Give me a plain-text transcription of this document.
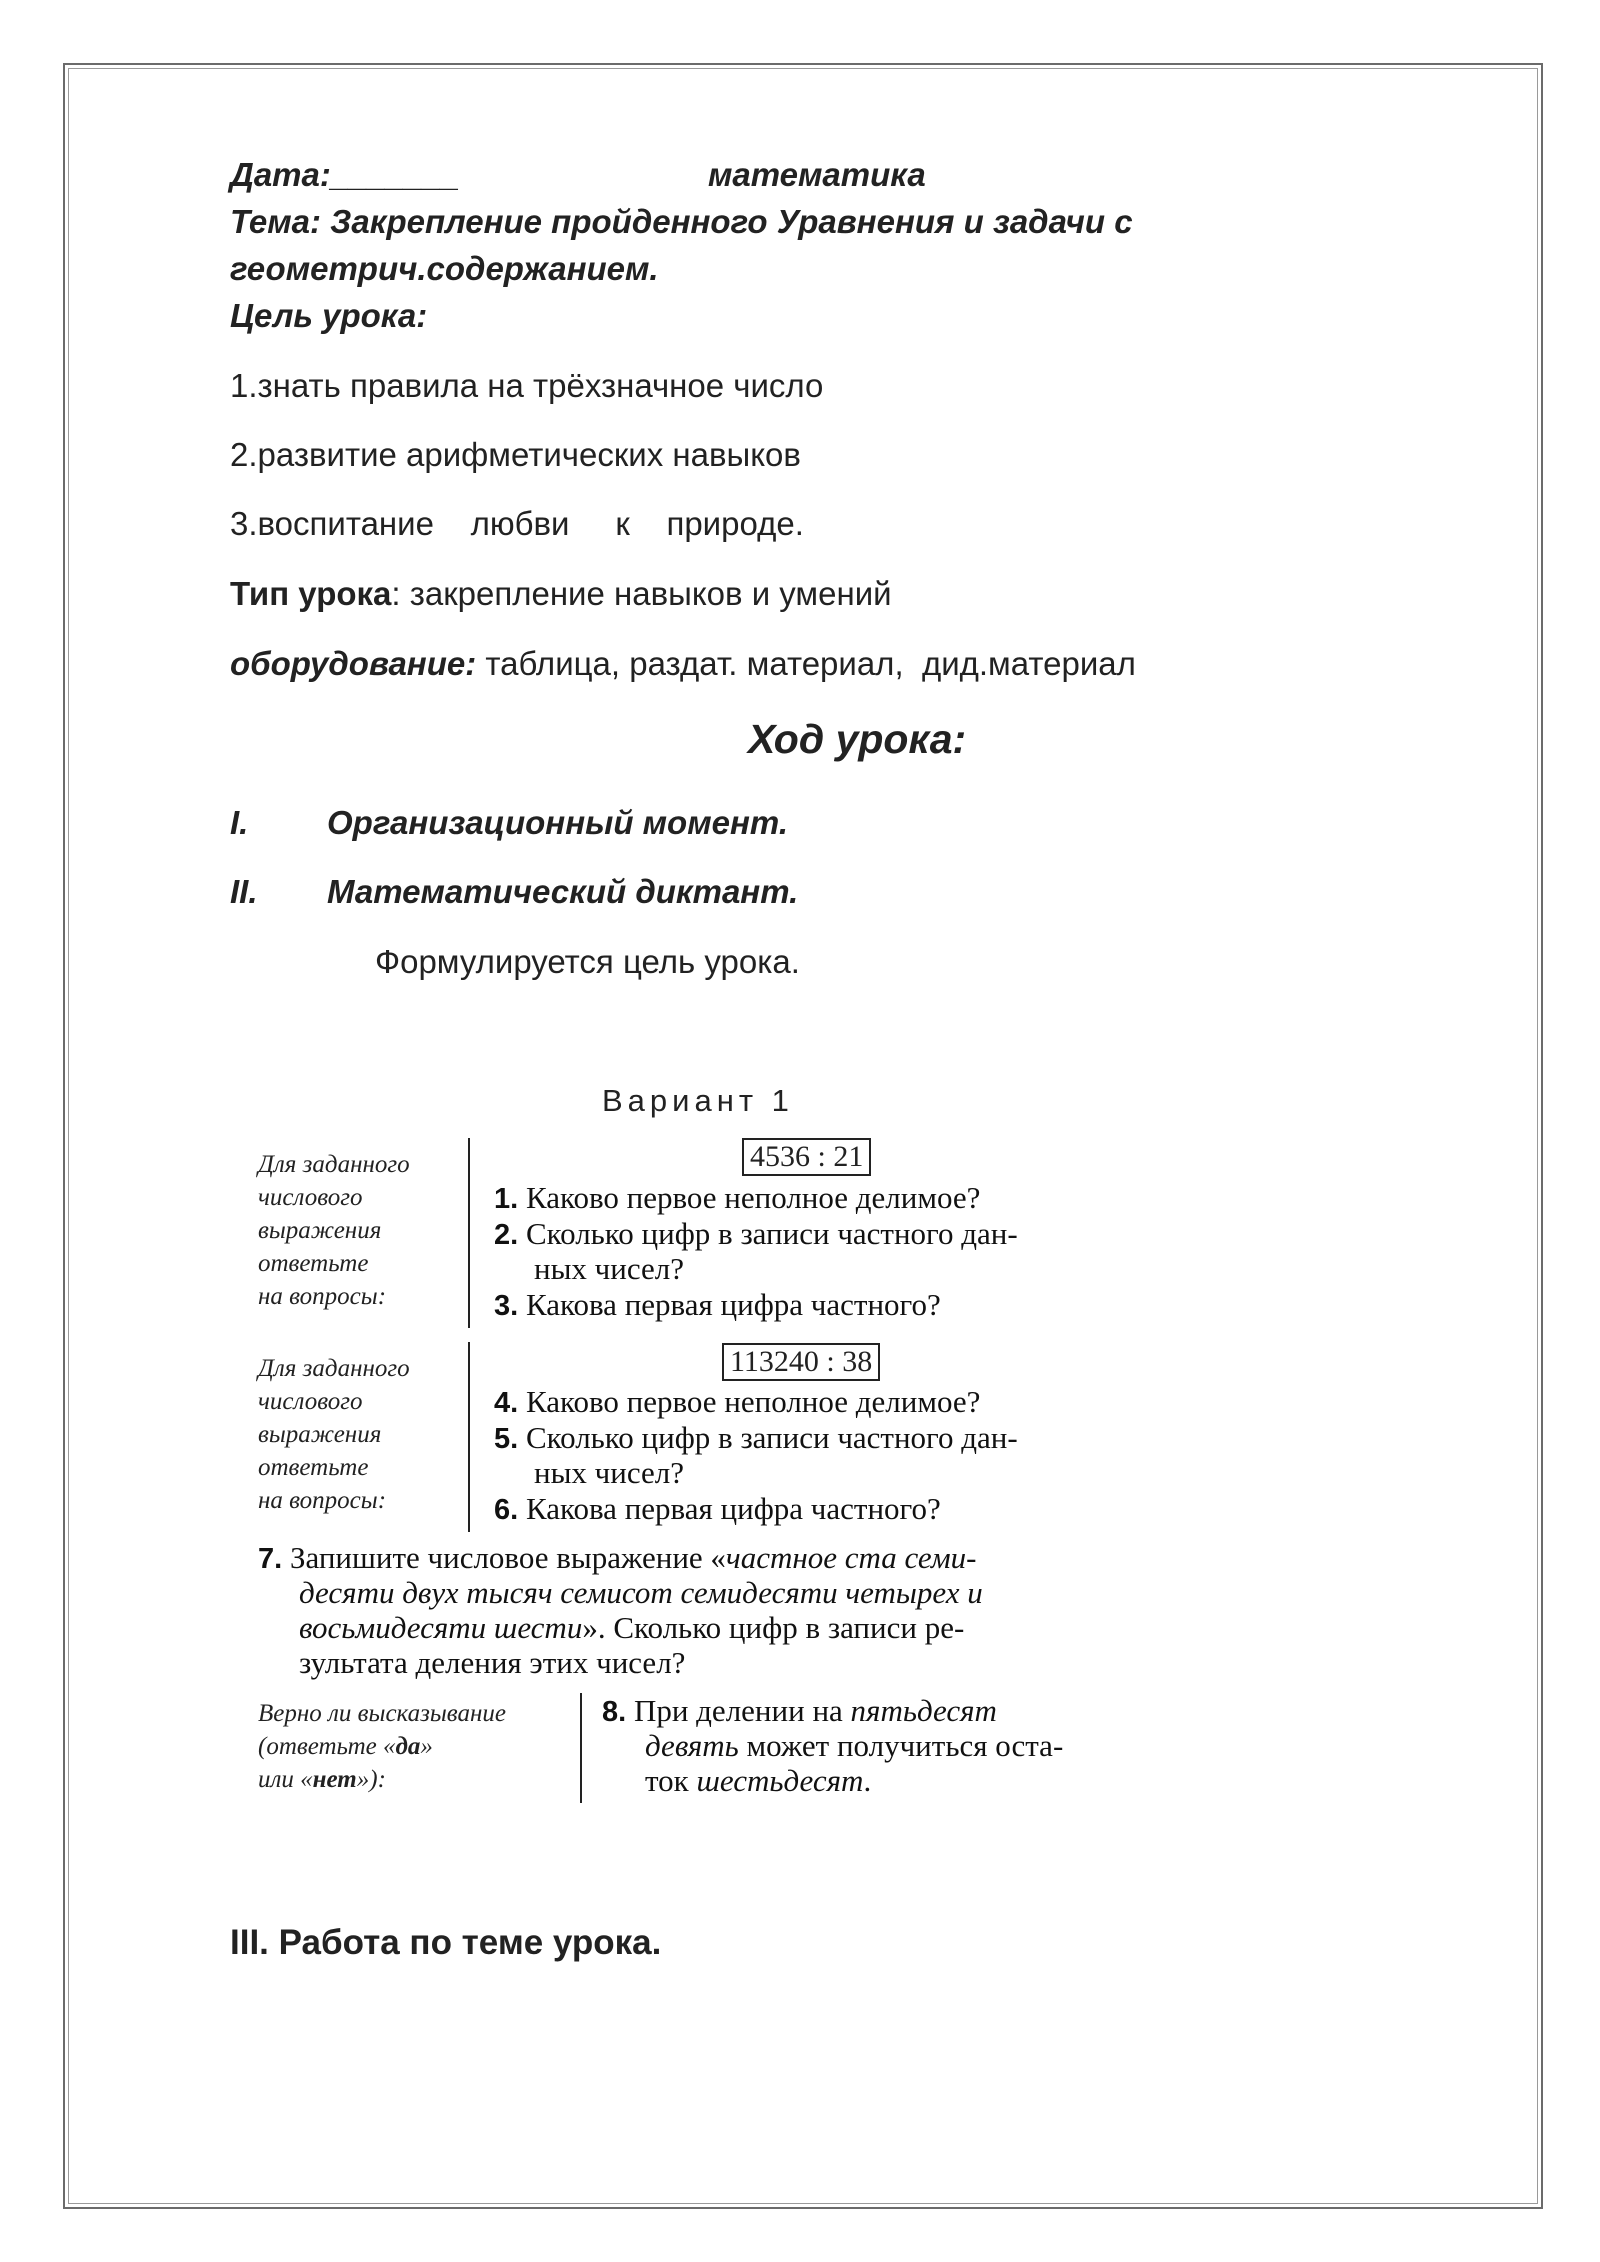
Дата:_______	математика
Тема: Закрепление пройденного Уравнения и задачи с
геометрич.содержанием.
Цель урока:
1.знать правила на трёхзначное число
2.развитие арифметических навыков
3.воспитание    любви     к    природе.
Тип урока: закрепление навыков и умений
оборудование: таблица, раздат. материал,  дид.материал
Ход урока:
I. Организационный момент.
II. Математический диктант.
Формулируется цель урока.
Вариант 1
Для заданного
числового
выражения
ответьте
на вопросы:
4536 : 21
1. Каково первое неполное делимое?
2. Сколько цифр в записи частного дан-
ных чисел?
3. Какова первая цифра частного?
Для заданного
числового
выражения
ответьте
на вопросы:
113240 : 38
4. Каково первое неполное делимое?
5. Сколько цифр в записи частного дан-
ных чисел?
6. Какова первая цифра частного?
7. Запишите числовое выражение «частное ста семи-
десяти двух тысяч семисот семидесяти четырех и
восьмидесяти шести». Сколько цифр в записи ре-
зультата деления этих чисел?
Верно ли высказывание
(ответьте «да»
или «нет»):
8. При делении на пятьдесят
девять может получиться оста-
ток шестьдесят.
III. Работа по теме урока.
